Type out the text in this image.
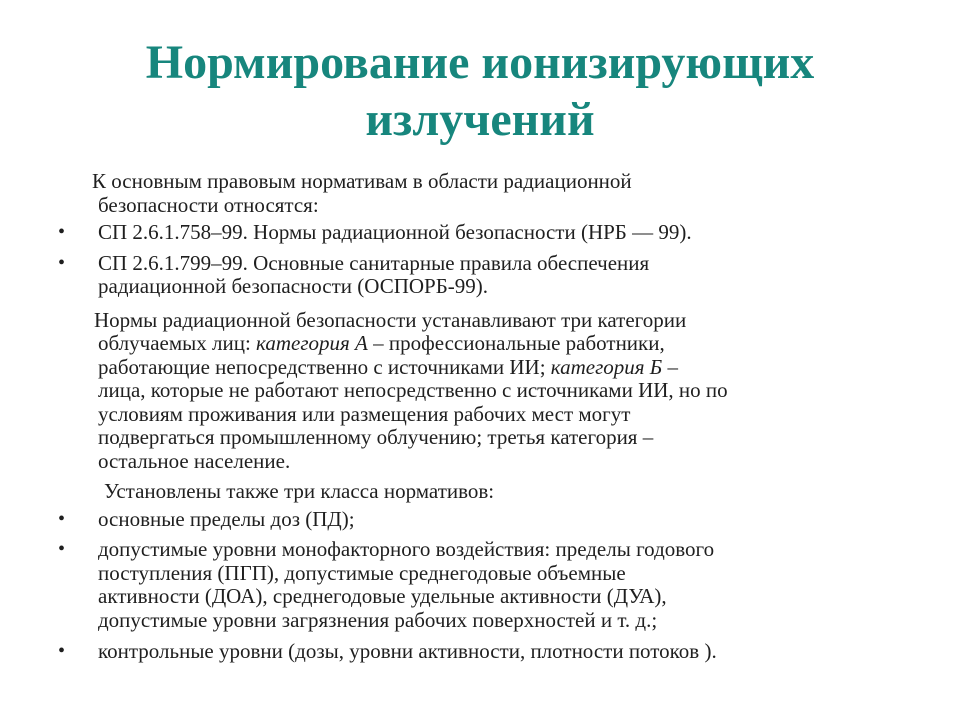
Нормирование ионизирующих
излучений
К основным правовым нормативам в области радиационной
безопасности относятся:
• СП 2.6.1.758–99. Нормы радиационной безопасности (НРБ — 99).
• СП 2.6.1.799–99. Основные санитарные правила обеспечения
радиационной безопасности (ОСПОРБ-99).
Нормы радиационной безопасности устанавливают три категории
облучаемых лиц: категория А – профессиональные работники,
работающие непосредственно с источниками ИИ; категория Б –
лица, которые не работают непосредственно с источниками ИИ, но по
условиям проживания или размещения рабочих мест могут
подвергаться промышленному облучению; третья категория –
остальное население.
Установлены также три класса нормативов:
• основные пределы доз (ПД);
• допустимые уровни монофакторного воздействия: пределы годового
поступления (ПГП), допустимые среднегодовые объемные
активности (ДОА), среднегодовые удельные активности (ДУА),
допустимые уровни загрязнения рабочих поверхностей и т. д.;
• контрольные уровни (дозы, уровни активности, плотности потоков ).
